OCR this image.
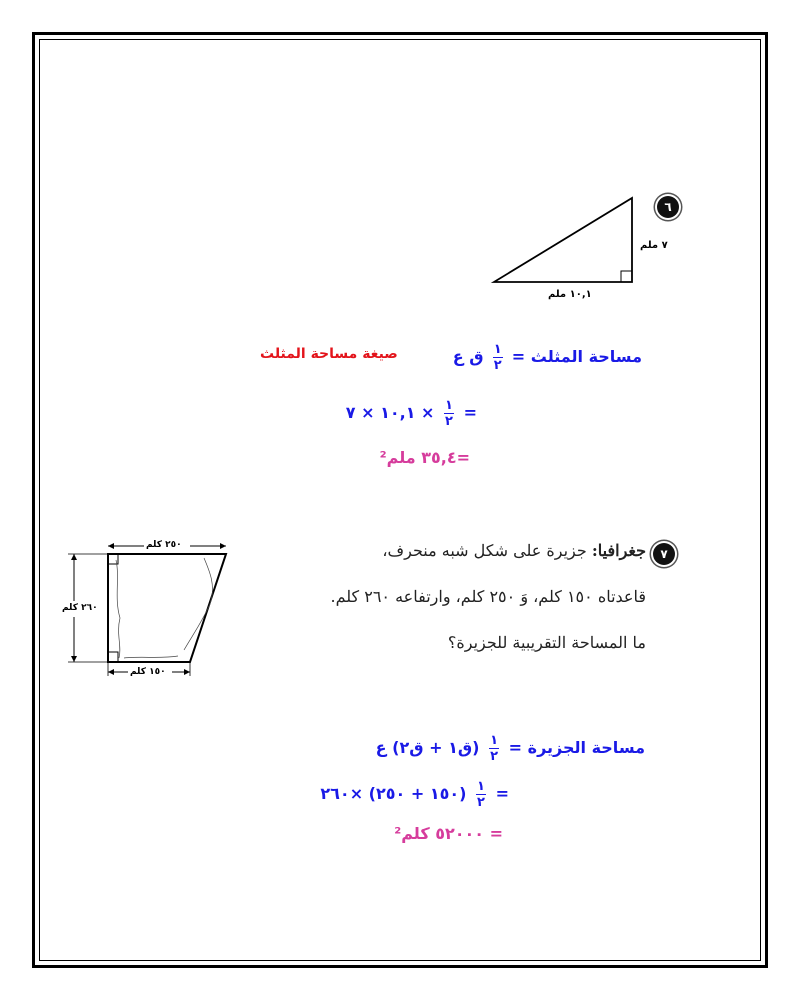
٦
٧ ملم
١٠,١ ملم
مساحة المثلث =
$\frac{١}{٢}$
ق ع
صيغة مساحة المثلث
=
$\frac{١}{٢}$
× ١٠,١ × ٧
=٣٥,٤ ملم²
٧
جغرافيا: جزيرة على شكل شبه منحرف،
قاعدتاه ١٥٠ كلم، وَ ٢٥٠ كلم، وارتفاعه ٢٦٠ كلم.
ما المساحة التقريبية للجزيرة؟
٢٥٠ كلم
٢٦٠ كلم
١٥٠ كلم
مساحة الجزيرة =
$\frac{١}{٢}$
(ق١ + ق٢) ع
=
$\frac{١}{٢}$
(١٥٠ + ٢٥٠) ×٢٦٠
= ٥٢٠٠٠ كلم²
